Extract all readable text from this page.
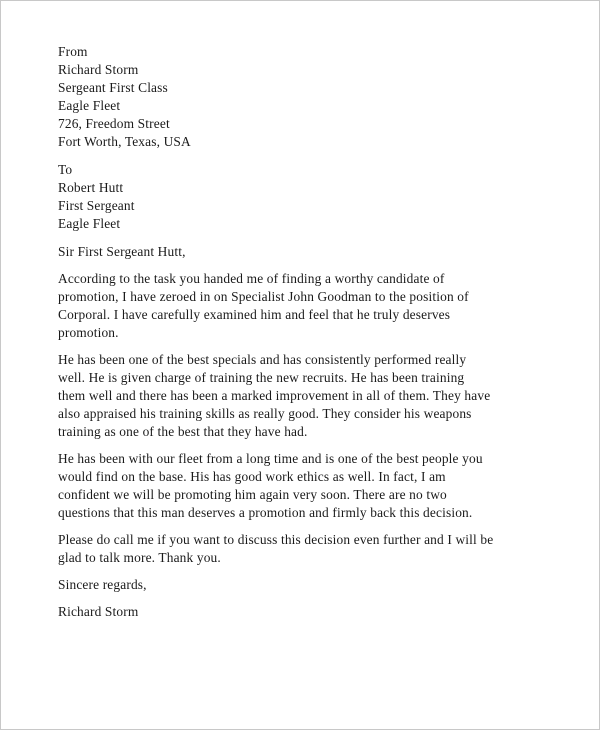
From
Richard Storm
Sergeant First Class
Eagle Fleet
726, Freedom Street
Fort Worth, Texas, USA
To
Robert Hutt
First Sergeant
Eagle Fleet

Sir First Sergeant Hutt,

According to the task you handed me of finding a worthy candidate of
promotion, I have zeroed in on Specialist John Goodman to the position of
Corporal. I have carefully examined him and feel that he truly deserves
promotion.

He has been one of the best specials and has consistently performed really
well. He is given charge of training the new recruits. He has been training
them well and there has been a marked improvement in all of them. They have
also appraised his training skills as really good. They consider his weapons
training as one of the best that they have had.

He has been with our fleet from a long time and is one of the best people you
would find on the base. His has good work ethics as well. In fact, I am
confident we will be promoting him again very soon. There are no two
questions that this man deserves a promotion and firmly back this decision.

Please do call me if you want to discuss this decision even further and I will be
glad to talk more. Thank you.

Sincere regards,

Richard Storm
